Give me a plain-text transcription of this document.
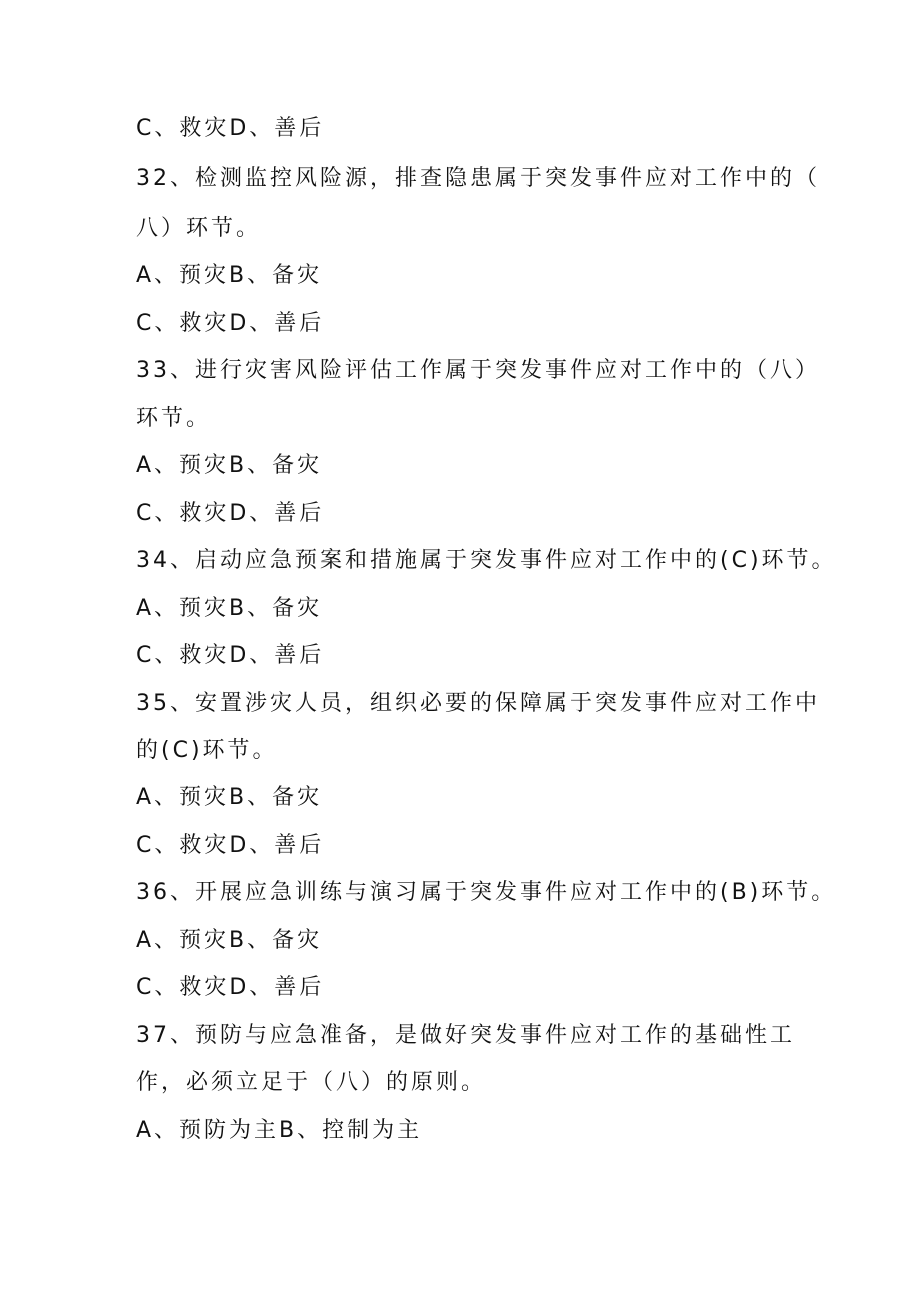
C、救灾D、善后
32、检测监控风险源，排查隐患属于突发事件应对工作中的（
八）环节。
A、预灾B、备灾
C、救灾D、善后
33、进行灾害风险评估工作属于突发事件应对工作中的（八）
环节。
A、预灾B、备灾
C、救灾D、善后
34、启动应急预案和措施属于突发事件应对工作中的(C)环节。
A、预灾B、备灾
C、救灾D、善后
35、安置涉灾人员，组织必要的保障属于突发事件应对工作中
的(C)环节。
A、预灾B、备灾
C、救灾D、善后
36、开展应急训练与演习属于突发事件应对工作中的(B)环节。
A、预灾B、备灾
C、救灾D、善后
37、预防与应急准备，是做好突发事件应对工作的基础性工
作，必须立足于（八）的原则。
A、预防为主B、控制为主
